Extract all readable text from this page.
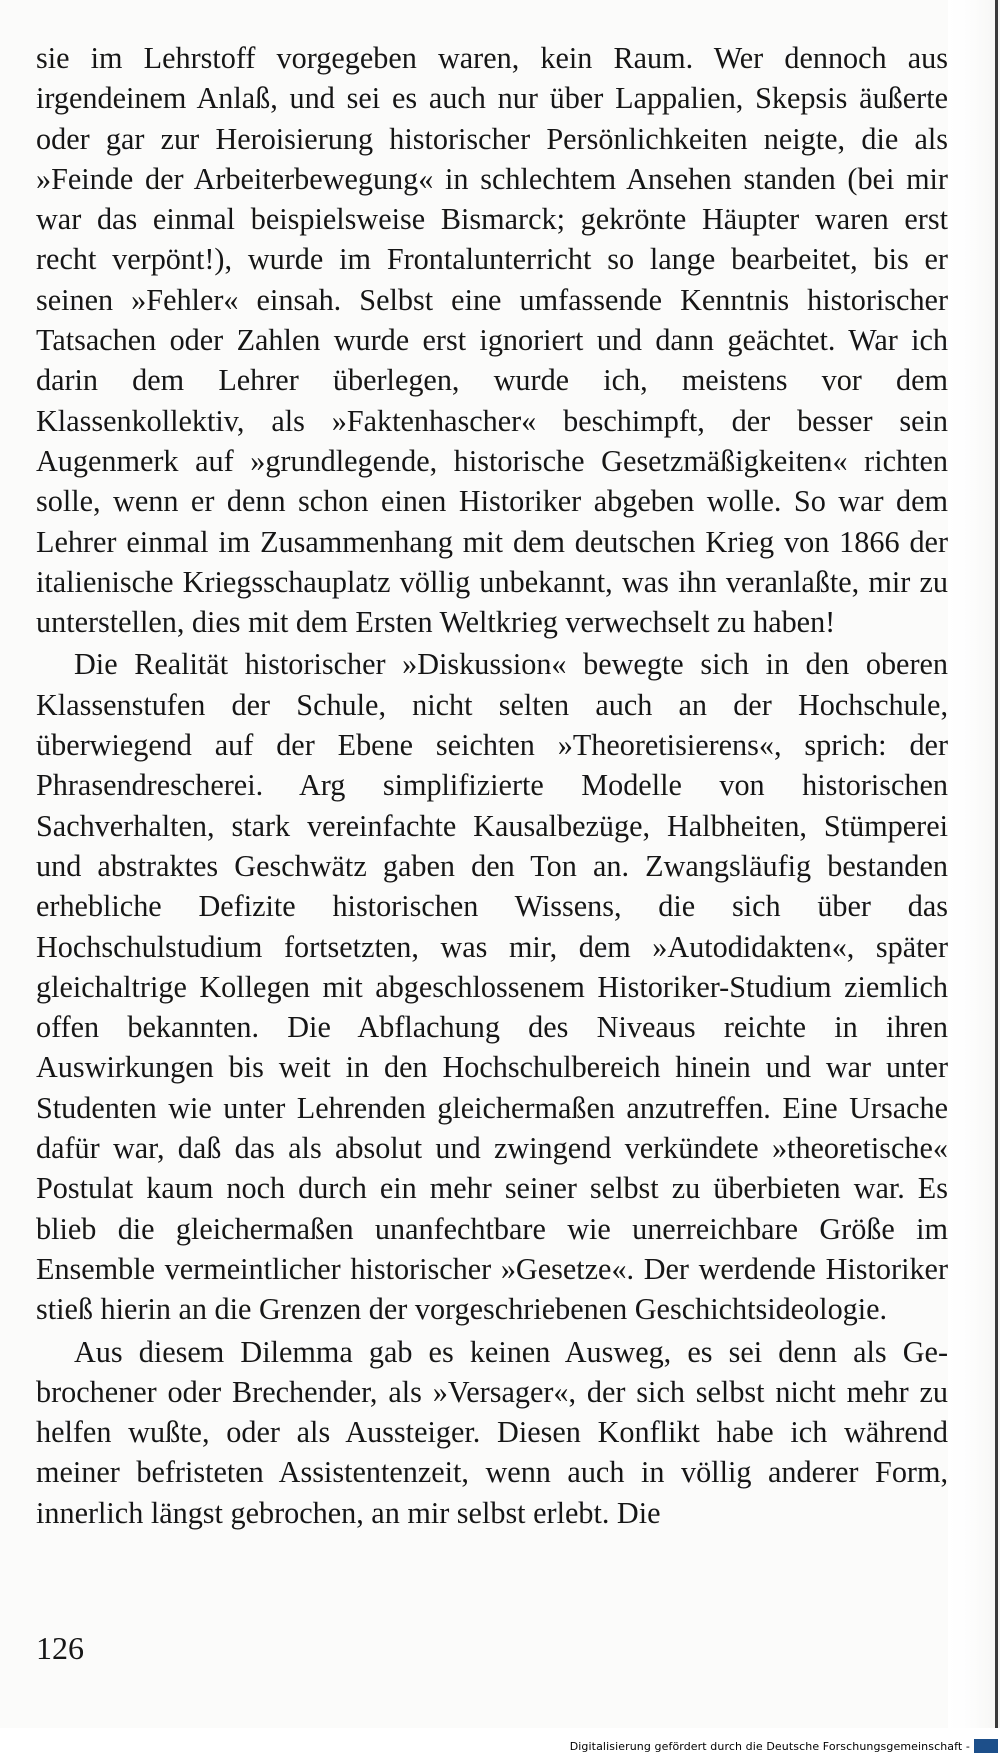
sie im Lehrstoff vorgegeben waren, kein Raum. Wer dennoch aus irgendeinem Anlaß, und sei es auch nur über Lappalien, Skepsis äußerte oder gar zur Heroisierung historischer Persönlichkeiten neigte, die als »Feinde der Arbeiterbewegung« in schlechtem Ansehen standen (bei mir war das einmal beispielsweise Bismarck; gekrönte Häupter waren erst recht verpönt!), wurde im Frontalunterricht so lange bearbeitet, bis er seinen »Fehler« einsah. Selbst eine umfassende Kenntnis historischer Tatsachen oder Zahlen wurde erst ignoriert und dann geächtet. War ich darin dem Lehrer überlegen, wurde ich, meistens vor dem Klassenkollektiv, als »Faktenhascher« beschimpft, der besser sein Augenmerk auf »grundlegende, historische Gesetzmäßigkeiten« richten solle, wenn er denn schon einen Historiker abgeben wolle. So war dem Lehrer einmal im Zusammenhang mit dem deutschen Krieg von 1866 der italienische Kriegsschauplatz völlig unbekannt, was ihn veranlaßte, mir zu unterstellen, dies mit dem Ersten Weltkrieg verwechselt zu haben!

Die Realität historischer »Diskussion« bewegte sich in den oberen Klassenstufen der Schule, nicht selten auch an der Hochschule, überwiegend auf der Ebene seichten »Theoretisierens«, sprich: der Phrasendrescherei. Arg simplifizierte Modelle von historischen Sachverhalten, stark vereinfachte Kausalbezüge, Halbheiten, Stümperei und abstraktes Geschwätz gaben den Ton an. Zwangsläufig bestanden erhebliche Defizite historischen Wissens, die sich über das Hochschulstudium fortsetzten, was mir, dem »Autodidakten«, später gleichaltrige Kollegen mit abgeschlossenem Historiker-Studium ziemlich offen bekannten. Die Abflachung des Niveaus reichte in ihren Auswirkungen bis weit in den Hochschulbereich hinein und war unter Studenten wie unter Lehrenden gleichermaßen anzutreffen. Eine Ursache dafür war, daß das als absolut und zwingend verkündete »theoretische« Postulat kaum noch durch ein mehr seiner selbst zu überbieten war. Es blieb die gleichermaßen unanfechtbare wie unerreichbare Größe im Ensemble vermeintlicher historischer »Gesetze«. Der werdende Historiker stieß hierin an die Grenzen der vorgeschriebenen Geschichtsideologie.

Aus diesem Dilemma gab es keinen Ausweg, es sei denn als Gebrochener oder Brechender, als »Versager«, der sich selbst nicht mehr zu helfen wußte, oder als Aussteiger. Diesen Konflikt habe ich während meiner befristeten Assistentenzeit, wenn auch in völlig anderer Form, innerlich längst gebrochen, an mir selbst erlebt. Die

126
Digitalisierung gefördert durch die Deutsche Forschungsgemeinschaft -
